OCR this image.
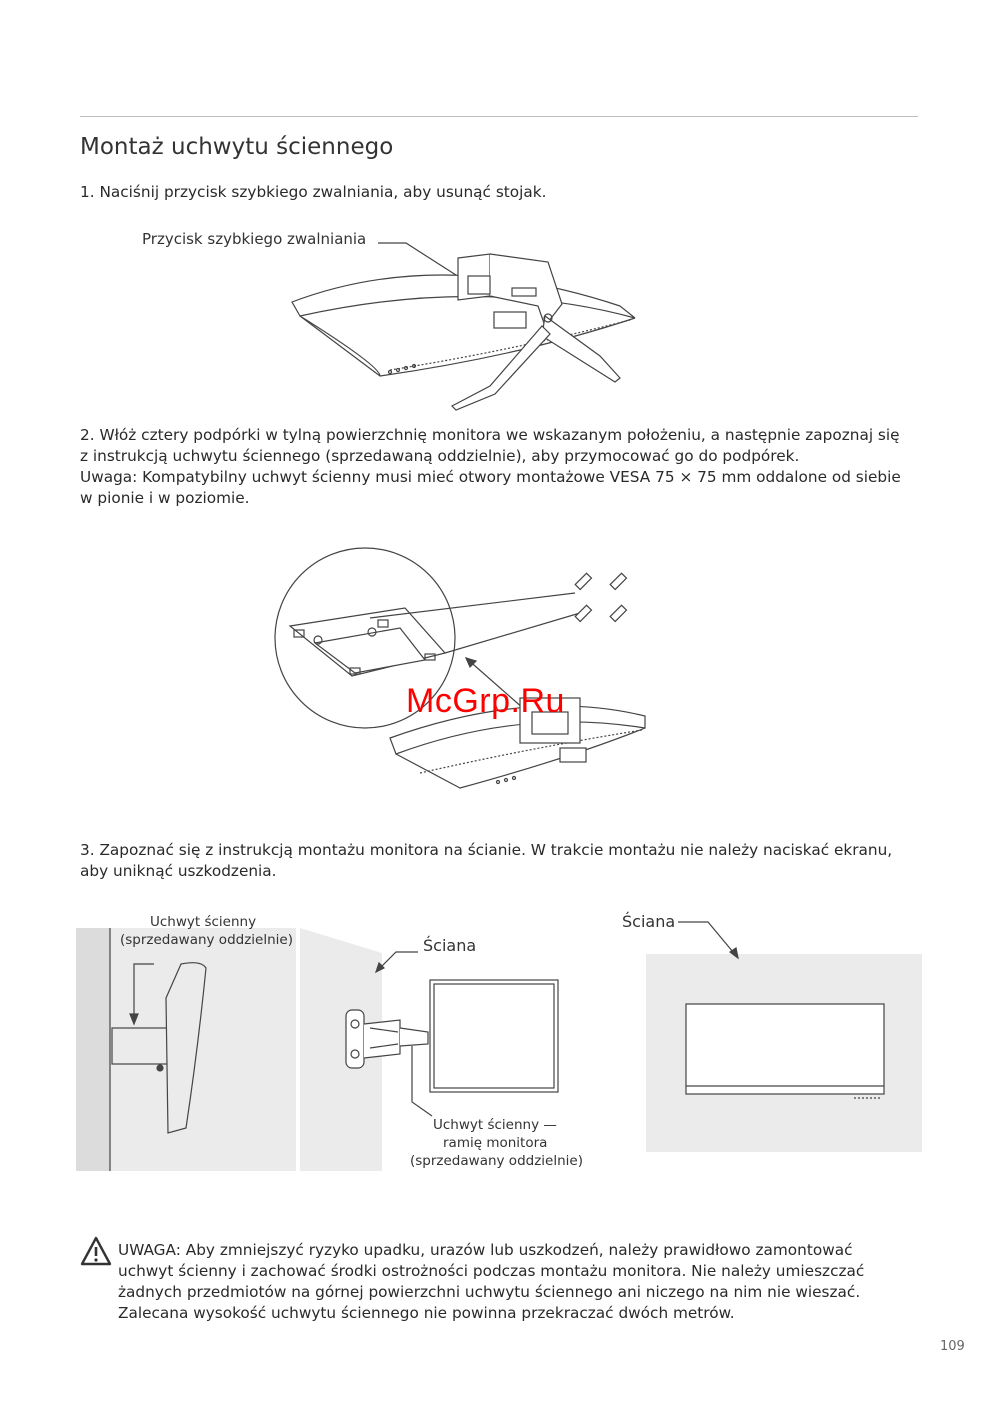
Montaż uchwytu ściennego

1. Naciśnij przycisk szybkiego zwalniania, aby usunąć stojak.

Przycisk szybkiego zwalniania
2. Włóż cztery podpórki w tylną powierzchnię monitora we wskazanym położeniu, a następnie zapoznaj się
z instrukcją uchwytu ściennego (sprzedawaną oddzielnie), aby przymocować go do podpórek.
Uwaga: Kompatybilny uchwyt ścienny musi mieć otwory montażowe VESA 75 × 75 mm oddalone od siebie
w pionie i w poziomie.
McGrp.Ru
3. Zapoznać się z instrukcją montażu monitora na ścianie. W trakcie montażu nie należy naciskać ekranu,
aby uniknąć uszkodzenia.
Uchwyt ścienny
(sprzedawany oddzielnie)	Ściana
Uchwyt ścienny —
ramię monitora
(sprzedawany oddzielnie)
Ściana
UWAGA: Aby zmniejszyć ryzyko upadku, urazów lub uszkodzeń, należy prawidłowo zamontować
uchwyt ścienny i zachować środki ostrożności podczas montażu monitora. Nie należy umieszczać
żadnych przedmiotów na górnej powierzchni uchwytu ściennego ani niczego na nim nie wieszać.
Zalecana wysokość uchwytu ściennego nie powinna przekraczać dwóch metrów.
109
